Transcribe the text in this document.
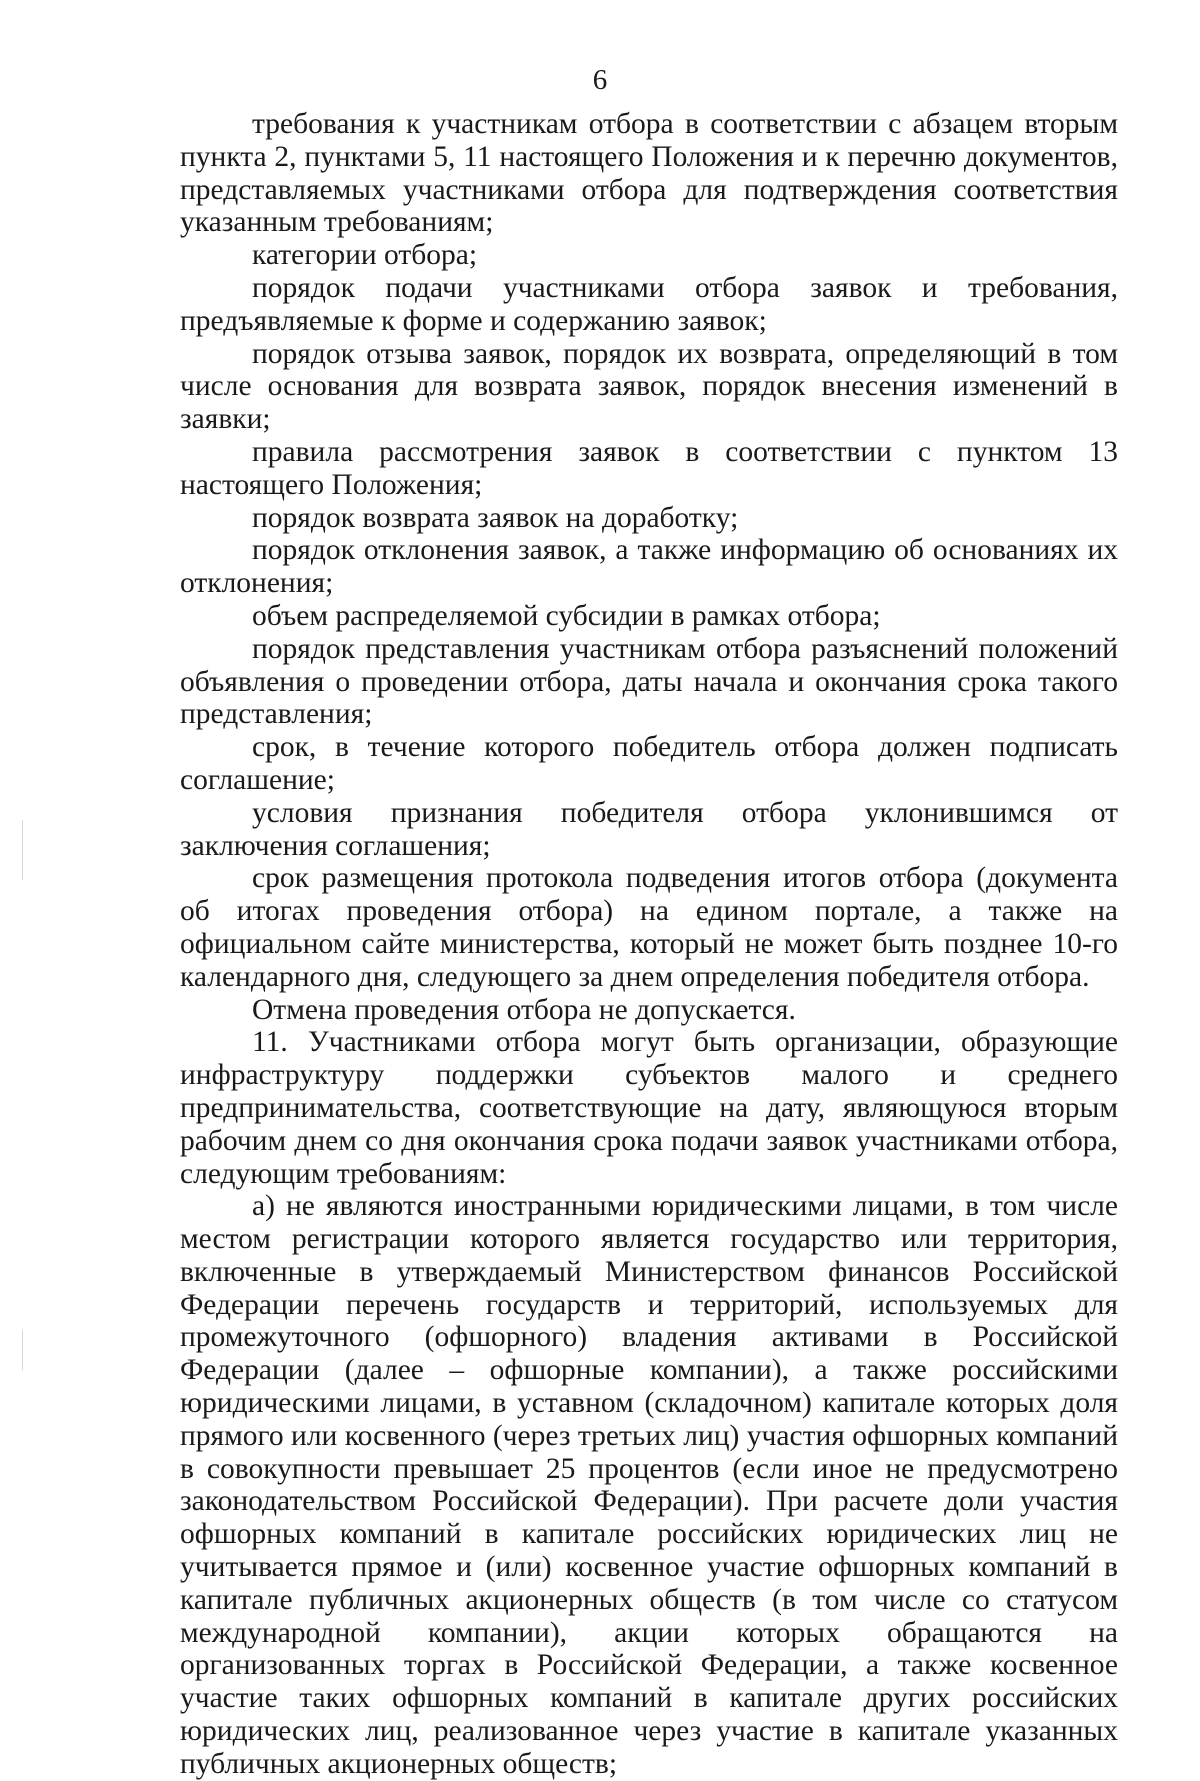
6

требования к участникам отбора в соответствии с абзацем вторым пункта 2, пунктами 5, 11 настоящего Положения и к перечню документов, представляемых участниками отбора для подтверждения соответствия указанным требованиям;

категории отбора;

порядок подачи участниками отбора заявок и требования, предъявляемые к форме и содержанию заявок;

порядок отзыва заявок, порядок их возврата, определяющий в том числе основания для возврата заявок, порядок внесения изменений в заявки;

правила рассмотрения заявок в соответствии с пунктом 13 настоящего Положения;

порядок возврата заявок на доработку;

порядок отклонения заявок, а также информацию об основаниях их отклонения;

объем распределяемой субсидии в рамках отбора;

порядок представления участникам отбора разъяснений положений объявления о проведении отбора, даты начала и окончания срока такого представления;

срок, в течение которого победитель отбора должен подписать соглашение;

условия признания победителя отбора уклонившимся от заключения соглашения;

срок размещения протокола подведения итогов отбора (документа об итогах проведения отбора) на едином портале, а также на официальном сайте министерства, который не может быть позднее 10-го календарного дня, следующего за днем определения победителя отбора.

Отмена проведения отбора не допускается.

11. Участниками отбора могут быть организации, образующие инфраструктуру поддержки субъектов малого и среднего предпринимательства, соответствующие на дату, являющуюся вторым рабочим днем со дня окончания срока подачи заявок участниками отбора, следующим требованиям:

а) не являются иностранными юридическими лицами, в том числе местом регистрации которого является государство или территория, включенные в утверждаемый Министерством финансов Российской Федерации перечень государств и территорий, используемых для промежуточного (офшорного) владения активами в Российской Федерации (далее – офшорные компании), а также российскими юридическими лицами, в уставном (складочном) капитале которых доля прямого или косвенного (через третьих лиц) участия офшорных компаний в совокупности превышает 25 процентов (если иное не предусмотрено законодательством Российской Федерации). При расчете доли участия офшорных компаний в капитале российских юридических лиц не учитывается прямое и (или) косвенное участие офшорных компаний в капитале публичных акционерных обществ (в том числе со статусом международной компании), акции которых обращаются на организованных торгах в Российской Федерации, а также косвенное участие таких офшорных компаний в капитале других российских юридических лиц, реализованное через участие в капитале указанных публичных акционерных обществ;
